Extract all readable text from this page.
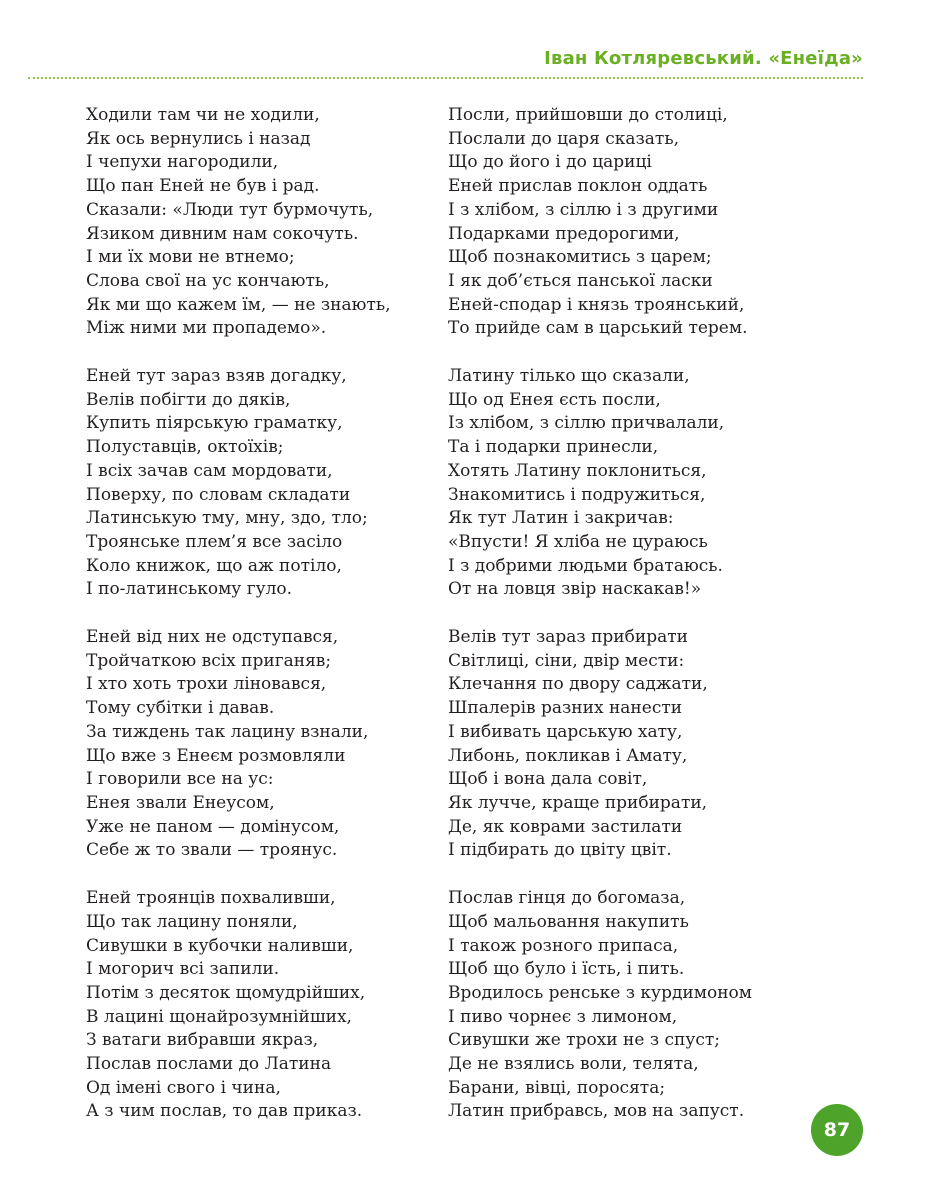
Іван Котляревський. «Енеїда»
Ходили там чи не ходили,
Як ось вернулись і назад
І чепухи нагородили,
Що пан Еней не був і рад.
Сказали: «Люди тут бурмочуть,
Язиком дивним нам сокочуть.
І ми їх мови не втнемо;
Слова свої на ус кончають,
Як ми що кажем їм, — не знають,
Між ними ми пропадемо».
Еней тут зараз взяв догадку,
Велів побігти до дяків,
Купить піярськую граматку,
Полуставців, октоїхів;
І всіх зачав сам мордовати,
Поверху, по словам складати
Латинськую тму, мну, здо, тло;
Троянське плем’я все засіло
Коло книжок, що аж потіло,
І по-латинському гуло.
Еней від них не одступався,
Тройчаткою всіх приганяв;
І хто хоть трохи ліновався,
Тому субітки і давав.
За тиждень так лацину взнали,
Що вже з Енеєм розмовляли
І говорили все на ус:
Енея звали Енеусом,
Уже не паном — домінусом,
Себе ж то звали — троянус.
Еней троянців похваливши,
Що так лацину поняли,
Сивушки в кубочки наливши,
І могорич всі запили.
Потім з десяток щомудрійших,
В лацині щонайрозумнійших,
З ватаги вибравши якраз,
Послав послами до Латина
Од імені свого і чина,
А з чим послав, то дав приказ.
Посли, прийшовши до столиці,
Послали до царя сказать,
Що до його і до цариці
Еней прислав поклон оддать
І з хлібом, з сіллю і з другими
Подарками предорогими,
Щоб познакомитись з царем;
І як доб’ється панської ласки
Еней-сподар і князь троянський,
То прийде сам в царський терем.
Латину тілько що сказали,
Що од Енея єсть посли,
Із хлібом, з сіллю причвалали,
Та і подарки принесли,
Хотять Латину поклониться,
Знакомитись і подружиться,
Як тут Латин і закричав:
«Впусти! Я хліба не цураюсь
І з добрими людьми братаюсь.
От на ловця звір наскакав!»
Велів тут зараз прибирати
Світлиці, сіни, двір мести:
Клечання по двору саджати,
Шпалерів разних нанести
І вибивать царськую хату,
Либонь, покликав і Амату,
Щоб і вона дала совіт,
Як лучче, краще прибирати,
Де, як коврами застилати
І підбирать до цвіту цвіт.
Послав гінця до богомаза,
Щоб мальовання накупить
І також розного припаса,
Щоб що було і їсть, і пить.
Вродилось ренське з курдимоном
І пиво чорнеє з лимоном,
Сивушки же трохи не з спуст;
Де не взялись воли, телята,
Барани, вівці, поросята;
Латин прибравсь, мов на запуст.
87
